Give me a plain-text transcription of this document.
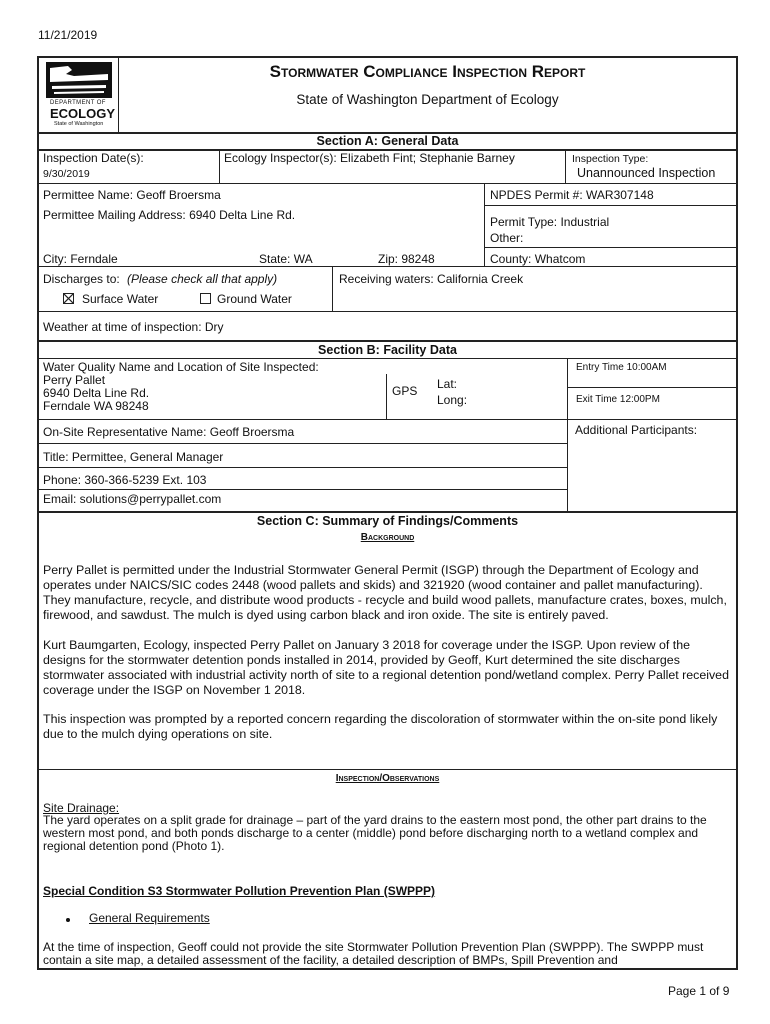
11/21/2019
DEPARTMENT OF
ECOLOGY
State of Washington
Stormwater Compliance Inspection Report
State of Washington Department of Ecology
Section A: General Data
Inspection Date(s):
9/30/2019
Ecology Inspector(s): Elizabeth Fint; Stephanie Barney	Inspection Type:
Unannounced Inspection
Permittee Name: Geoff Broersma
Permittee Mailing Address: 6940 Delta Line Rd.
NPDES Permit #: WAR307148
Permit Type: Industrial
Other:
City: Ferndale	State: WA	Zip: 98248	County: Whatcom
Discharges to: (Please check all that apply)	Receiving waters: California Creek
Surface Water	Ground Water
Weather at time of inspection: Dry
Section B: Facility Data
Water Quality Name and Location of Site Inspected:
Perry Pallet
6940 Delta Line Rd.
Ferndale WA 98248
GPS Lat:
Long:
Entry Time 10:00AM
Exit Time 12:00PM
On-Site Representative Name: Geoff Broersma	Additional Participants:
Title: Permittee, General Manager
Phone: 360-366-5239 Ext. 103
Email: solutions@perrypallet.com
Section C: Summary of Findings/Comments
Background
Perry Pallet is permitted under the Industrial Stormwater General Permit (ISGP) through the Department of Ecology and operates under NAICS/SIC codes 2448 (wood pallets and skids) and 321920 (wood container and pallet manufacturing). They manufacture, recycle, and distribute wood products - recycle and build wood pallets, manufacture crates, boxes, mulch, firewood, and sawdust. The mulch is dyed using carbon black and iron oxide. The site is entirely paved.
Kurt Baumgarten, Ecology, inspected Perry Pallet on January 3 2018 for coverage under the ISGP. Upon review of the designs for the stormwater detention ponds installed in 2014, provided by Geoff, Kurt determined the site discharges stormwater associated with industrial activity north of site to a regional detention pond/wetland complex. Perry Pallet received coverage under the ISGP on November 1 2018.
This inspection was prompted by a reported concern regarding the discoloration of stormwater within the on-site pond likely due to the mulch dying operations on site.
Inspection/Observations
Site Drainage:
The yard operates on a split grade for drainage – part of the yard drains to the eastern most pond, the other part drains to the western most pond, and both ponds discharge to a center (middle) pond before discharging north to a wetland complex and regional detention pond (Photo 1).
Special Condition S3 Stormwater Pollution Prevention Plan (SWPPP)
General Requirements
At the time of inspection, Geoff could not provide the site Stormwater Pollution Prevention Plan (SWPPP). The SWPPP must contain a site map, a detailed assessment of the facility, a detailed description of BMPs, Spill Prevention and
Page 1 of 9
